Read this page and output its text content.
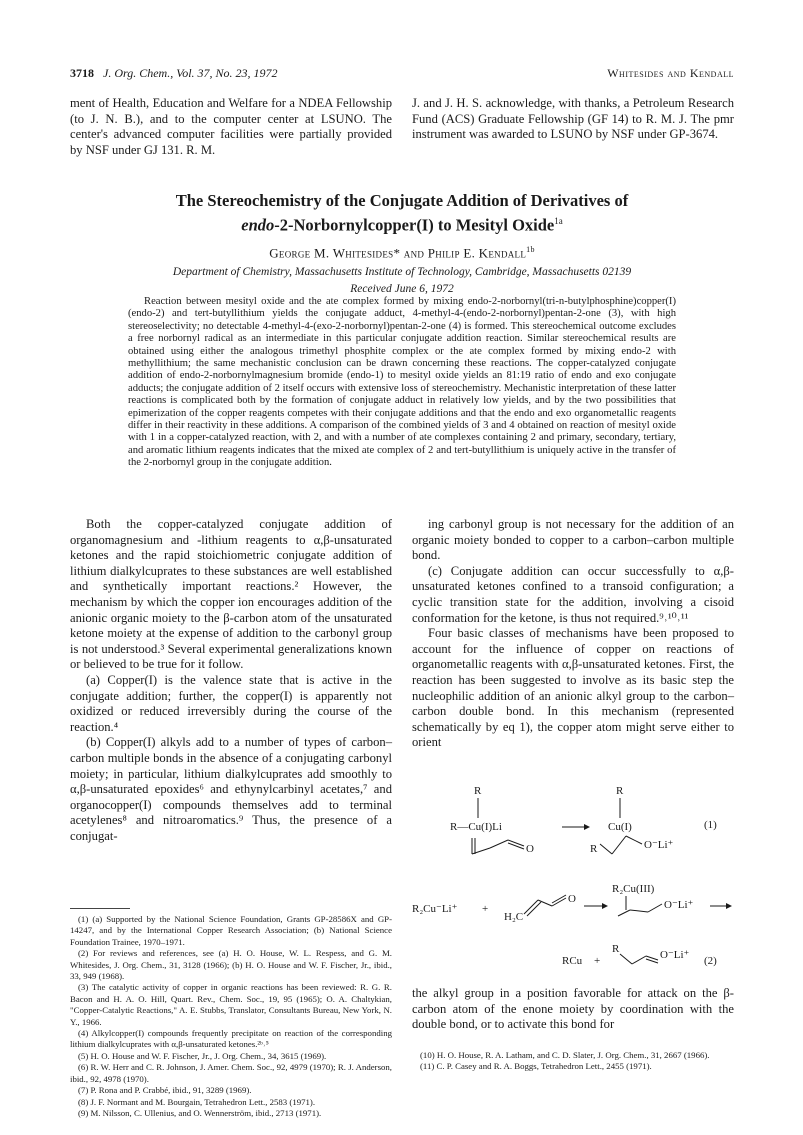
3718 J. Org. Chem., Vol. 37, No. 23, 1972	Whitesides and Kendall
ment of Health, Education and Welfare for a NDEA Fellowship (to J. N. B.), and to the computer center at LSUNO. The center's advanced computer facilities were partially provided by NSF under GJ 131. R. M.
J. and J. H. S. acknowledge, with thanks, a Petroleum Research Fund (ACS) Graduate Fellowship (GF 14) to R. M. J. The pmr instrument was awarded to LSUNO by NSF under GP-3674.
The Stereochemistry of the Conjugate Addition of Derivatives of
endo-2-Norbornylcopper(I) to Mesityl Oxide$^{1a}$
George M. Whitesides* and Philip E. Kendall$^{1b}$
Department of Chemistry, Massachusetts Institute of Technology, Cambridge, Massachusetts 02139
Received June 6, 1972

Reaction between mesityl oxide and the ate complex formed by mixing endo-2-norbornyl(tri-n-butylphosphine)copper(I) (endo-2) and tert-butyllithium yields the conjugate adduct, 4-methyl-4-(endo-2-norbornyl)pentan-2-one (3), with high stereoselectivity; no detectable 4-methyl-4-(exo-2-norbornyl)pentan-2-one (4) is formed. This stereochemical outcome excludes a free norbornyl radical as an intermediate in this particular conjugate addition reaction. Similar stereochemical results are obtained using either the analogous trimethyl phosphite complex or the ate complex formed by mixing endo-2 with methyllithium; the same mechanistic conclusion can be drawn concerning these reactions. The copper-catalyzed conjugate addition of endo-2-norbornylmagnesium bromide (endo-1) to mesityl oxide yields an 81:19 ratio of endo and exo conjugate adducts; the conjugate addition of 2 itself occurs with extensive loss of stereochemistry. Mechanistic interpretation of these latter reactions is complicated both by the formation of conjugate adduct in relatively low yields, and by the two possibilities that epimerization of the copper reagents competes with their conjugate additions and that the endo and exo organometallic reagents differ in their reactivity in these additions. A comparison of the combined yields of 3 and 4 obtained on reaction of mesityl oxide with 1 in a copper-catalyzed reaction, with 2, and with a number of ate complexes containing 2 and primary, secondary, tertiary, and aromatic lithium reagents indicates that the mixed ate complex of 2 and tert-butyllithium is uniquely active in the transfer of the 2-norbornyl group in the conjugate addition.

Both the copper-catalyzed conjugate addition of organomagnesium and -lithium reagents to α,β-unsaturated ketones and the rapid stoichiometric conjugate addition of lithium dialkylcuprates to these substances are well established and synthetically important reactions.² However, the mechanism by which the copper ion encourages addition of the anionic organic moiety to the β-carbon atom of the unsaturated ketone moiety at the expense of addition to the carbonyl group is not understood.³ Several experimental generalizations known or believed to be true for it follow.

(a) Copper(I) is the valence state that is active in the conjugate addition; further, the copper(I) is apparently not oxidized or reduced irreversibly during the course of the reaction.⁴

(b) Copper(I) alkyls add to a number of types of carbon–carbon multiple bonds in the absence of a conjugating carbonyl moiety; in particular, lithium dialkylcuprates add smoothly to α,β-unsaturated epoxides⁶ and ethynylcarbinyl acetates,⁷ and organocopper(I) compounds themselves add to terminal acetylenes⁸ and nitroaromatics.⁹ Thus, the presence of a conjugat-

ing carbonyl group is not necessary for the addition of an organic moiety bonded to copper to a carbon–carbon multiple bond.

(c) Conjugate addition can occur successfully to α,β-unsaturated ketones confined to a transoid configuration; a cyclic transition state for the addition, involving a cisoid conformation for the ketone, is thus not required.⁹˒¹⁰˒¹¹

Four basic classes of mechanisms have been proposed to account for the influence of copper on reactions of organometallic reagents with α,β-unsaturated ketones. First, the reaction has been suggested to involve as its basic step the nucleophilic addition of an anionic alkyl group to the carbon–carbon double bond. In this mechanism (represented schematically by eq 1), the copper atom might serve either to orient

R
R—Cu(I)Li
O
R
Cu(I)
R	O⁻Li⁺
(1)
R₂Cu⁻Li⁺ +
H₂C
O
R₂Cu(III)
O⁻Li⁺
RCu +
R	O⁻Li⁺ (2)
the alkyl group in a position favorable for attack on the β-carbon atom of the enone moiety by coordination with the double bond, or to activate this bond for

(1) (a) Supported by the National Science Foundation, Grants GP-28586X and GP-14247, and by the International Copper Research Association; (b) National Science Foundation Trainee, 1970–1971.

(2) For reviews and references, see (a) H. O. House, W. L. Respess, and G. M. Whitesides, J. Org. Chem., 31, 3128 (1966); (b) H. O. House and W. F. Fischer, Jr., ibid., 33, 949 (1968).

(3) The catalytic activity of copper in organic reactions has been reviewed: R. G. R. Bacon and H. A. O. Hill, Quart. Rev., Chem. Soc., 19, 95 (1965); O. A. Chaltykian, "Copper-Catalytic Reactions," A. E. Stubbs, Translator, Consultants Bureau, New York, N. Y., 1966.

(4) Alkylcopper(I) compounds frequently precipitate on reaction of the corresponding lithium dialkylcuprates with α,β-unsaturated ketones.²ᵇ˒⁵

(5) H. O. House and W. F. Fischer, Jr., J. Org. Chem., 34, 3615 (1969).

(6) R. W. Herr and C. R. Johnson, J. Amer. Chem. Soc., 92, 4979 (1970); R. J. Anderson, ibid., 92, 4978 (1970).

(7) P. Rona and P. Crabbé, ibid., 91, 3289 (1969).

(8) J. F. Normant and M. Bourgain, Tetrahedron Lett., 2583 (1971).

(9) M. Nilsson, C. Ullenius, and O. Wennerström, ibid., 2713 (1971).

(10) H. O. House, R. A. Latham, and C. D. Slater, J. Org. Chem., 31, 2667 (1966).

(11) C. P. Casey and R. A. Boggs, Tetrahedron Lett., 2455 (1971).
